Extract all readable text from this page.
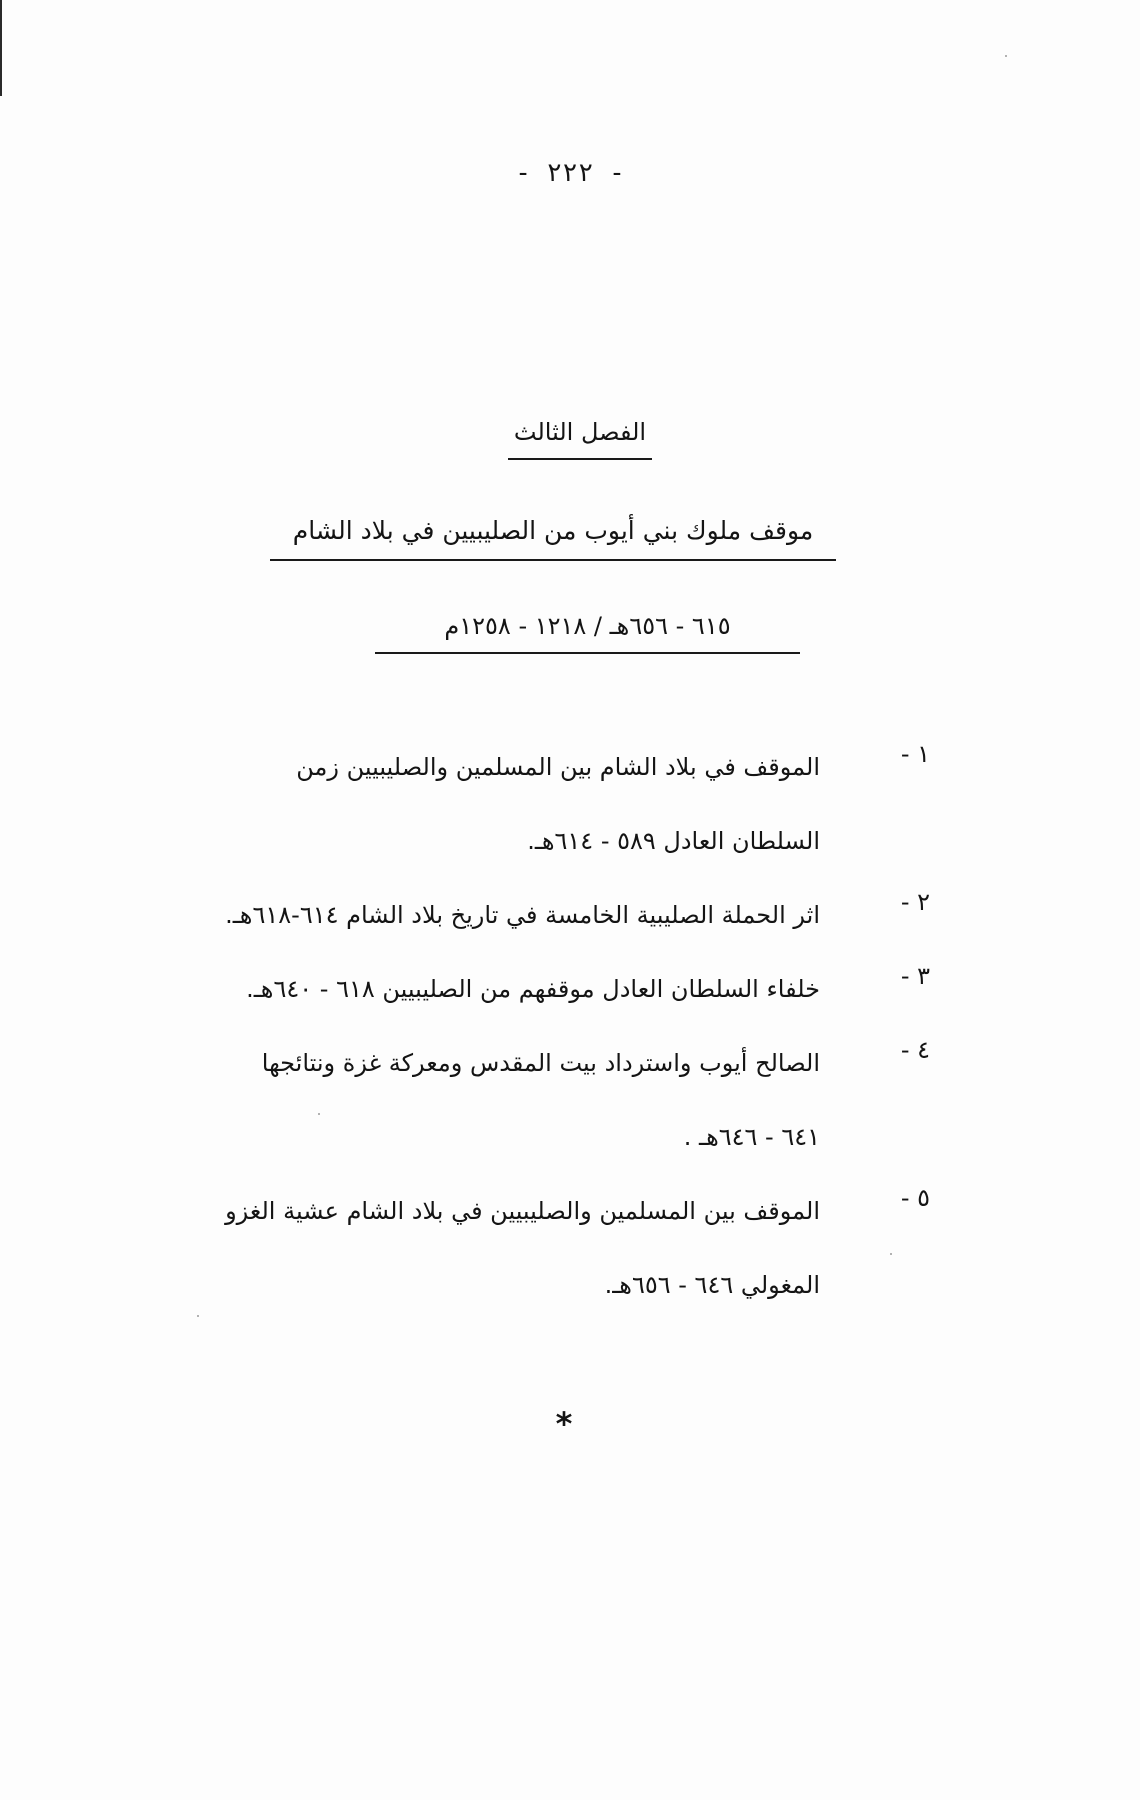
- ٢٢٢ -
الفصل الثالث
موقف ملوك بني أيوب من الصليبيين في بلاد الشام
٦١٥ - ٦٥٦هـ / ١٢١٨ - ١٢٥٨م
١ -
الموقف في بلاد الشام بين المسلمين والصليبيين زمن
السلطان العادل ٥٨٩ - ٦١٤هـ.
٢ -
اثر الحملة الصليبية الخامسة في تاريخ بلاد الشام ٦١٤-٦١٨هـ.
٣ -
خلفاء السلطان العادل موقفهم من الصليبيين ٦١٨ - ٦٤٠هـ.
٤ -
الصالح أيوب واسترداد بيت المقدس ومعركة غزة ونتائجها
٦٤١ - ٦٤٦هـ .
٥ -
الموقف بين المسلمين والصليبيين في بلاد الشام عشية الغزو
المغولي ٦٤٦ - ٦٥٦هـ.
*
